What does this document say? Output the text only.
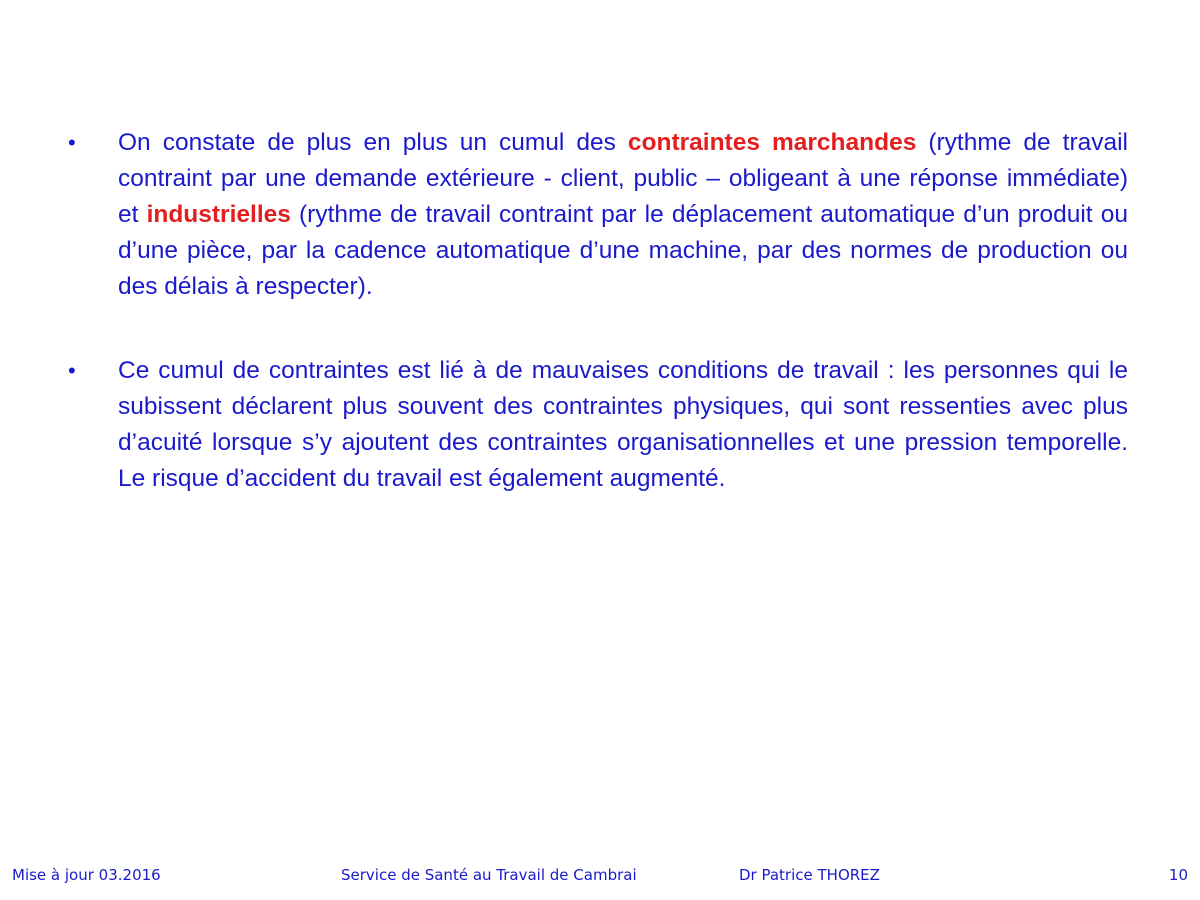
• On constate de plus en plus un cumul des contraintes marchandes (rythme de travail contraint par une demande extérieure - client, public – obligeant à une réponse immédiate) et industrielles (rythme de travail contraint par le déplacement automatique d’un produit ou d’une pièce, par la cadence automatique d’une machine, par des normes de production ou des délais à respecter).
• Ce cumul de contraintes est lié à de mauvaises conditions de travail : les personnes qui le subissent déclarent plus souvent des contraintes physiques, qui sont ressenties avec plus d’acuité lorsque s’y ajoutent des contraintes organisationnelles et une pression temporelle. Le risque d’accident du travail est également augmenté.
Mise à jour 03.2016	Service de Santé au Travail de Cambrai	Dr Patrice THOREZ	10
